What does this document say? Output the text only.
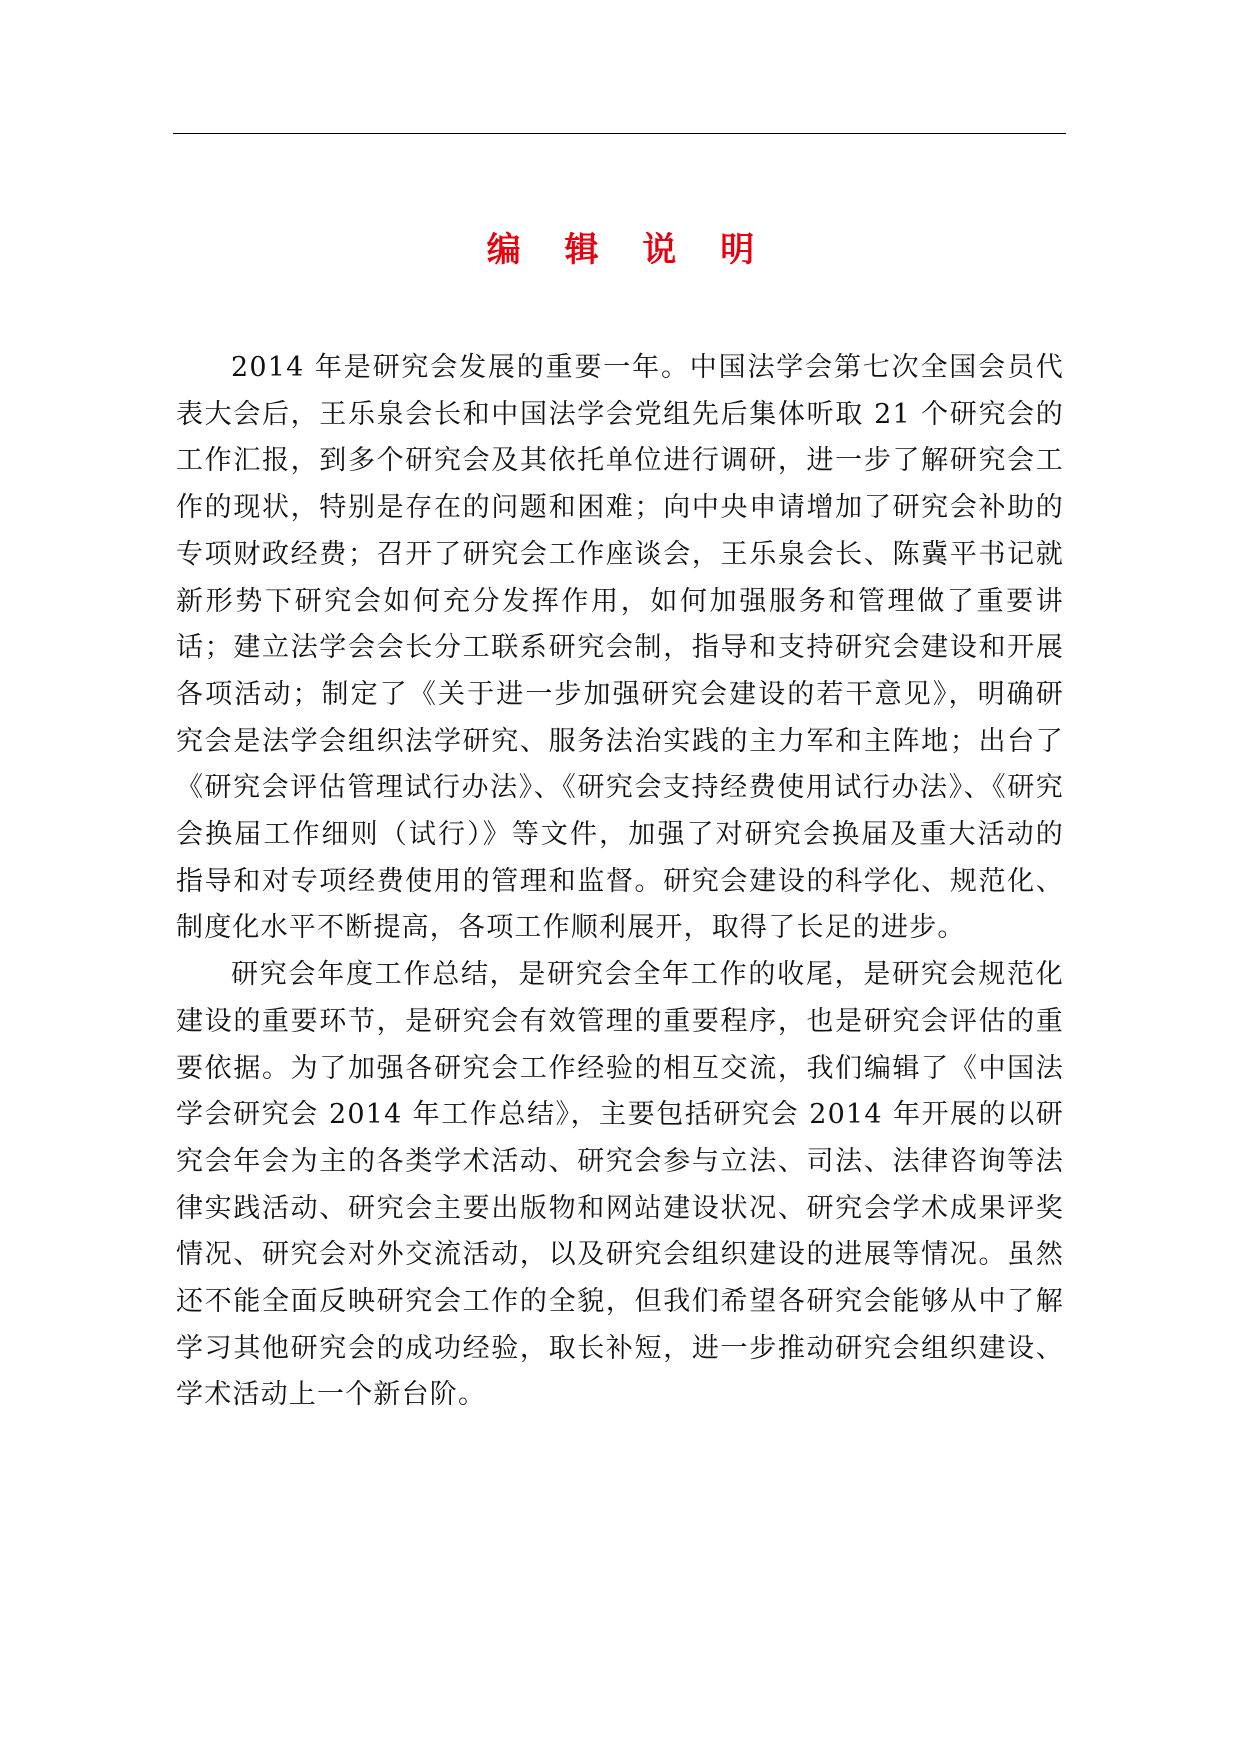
编 辑 说 明

2014 年是研究会发展的重要一年。中国法学会第七次全国会员代表大会后，王乐泉会长和中国法学会党组先后集体听取 21 个研究会的工作汇报，到多个研究会及其依托单位进行调研，进一步了解研究会工作的现状，特别是存在的问题和困难；向中央申请增加了研究会补助的专项财政经费；召开了研究会工作座谈会，王乐泉会长、陈冀平书记就新形势下研究会如何充分发挥作用，如何加强服务和管理做了重要讲话；建立法学会会长分工联系研究会制，指导和支持研究会建设和开展各项活动；制定了《关于进一步加强研究会建设的若干意见》，明确研究会是法学会组织法学研究、服务法治实践的主力军和主阵地；出台了《研究会评估管理试行办法》、《研究会支持经费使用试行办法》、《研究会换届工作细则（试行）》等文件，加强了对研究会换届及重大活动的指导和对专项经费使用的管理和监督。研究会建设的科学化、规范化、制度化水平不断提高，各项工作顺利展开，取得了长足的进步。

研究会年度工作总结，是研究会全年工作的收尾，是研究会规范化建设的重要环节，是研究会有效管理的重要程序，也是研究会评估的重要依据。为了加强各研究会工作经验的相互交流，我们编辑了《中国法学会研究会 2014 年工作总结》，主要包括研究会 2014 年开展的以研究会年会为主的各类学术活动、研究会参与立法、司法、法律咨询等法律实践活动、研究会主要出版物和网站建设状况、研究会学术成果评奖情况、研究会对外交流活动，以及研究会组织建设的进展等情况。虽然还不能全面反映研究会工作的全貌，但我们希望各研究会能够从中了解学习其他研究会的成功经验，取长补短，进一步推动研究会组织建设、学术活动上一个新台阶。
